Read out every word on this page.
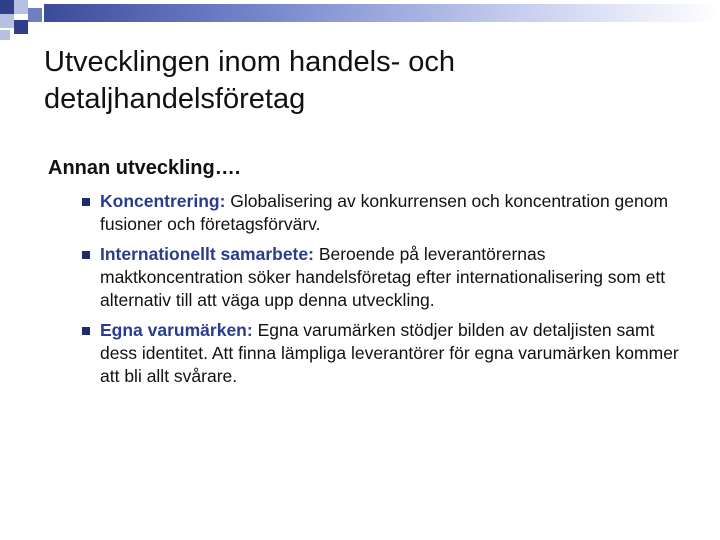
Utvecklingen inom handels- och detaljhandelsföretag
Annan utveckling….
Koncentrering: Globalisering av konkurrensen och koncentration genom fusioner och företagsförvärv.
Internationellt samarbete: Beroende på leverantörernas maktkoncentration söker handelsföretag efter internationalisering som ett alternativ till att väga upp denna utveckling.
Egna varumärken: Egna varumärken stödjer bilden av detaljisten samt dess identitet. Att finna lämpliga leverantörer för egna varumärken kommer att bli allt svårare.
